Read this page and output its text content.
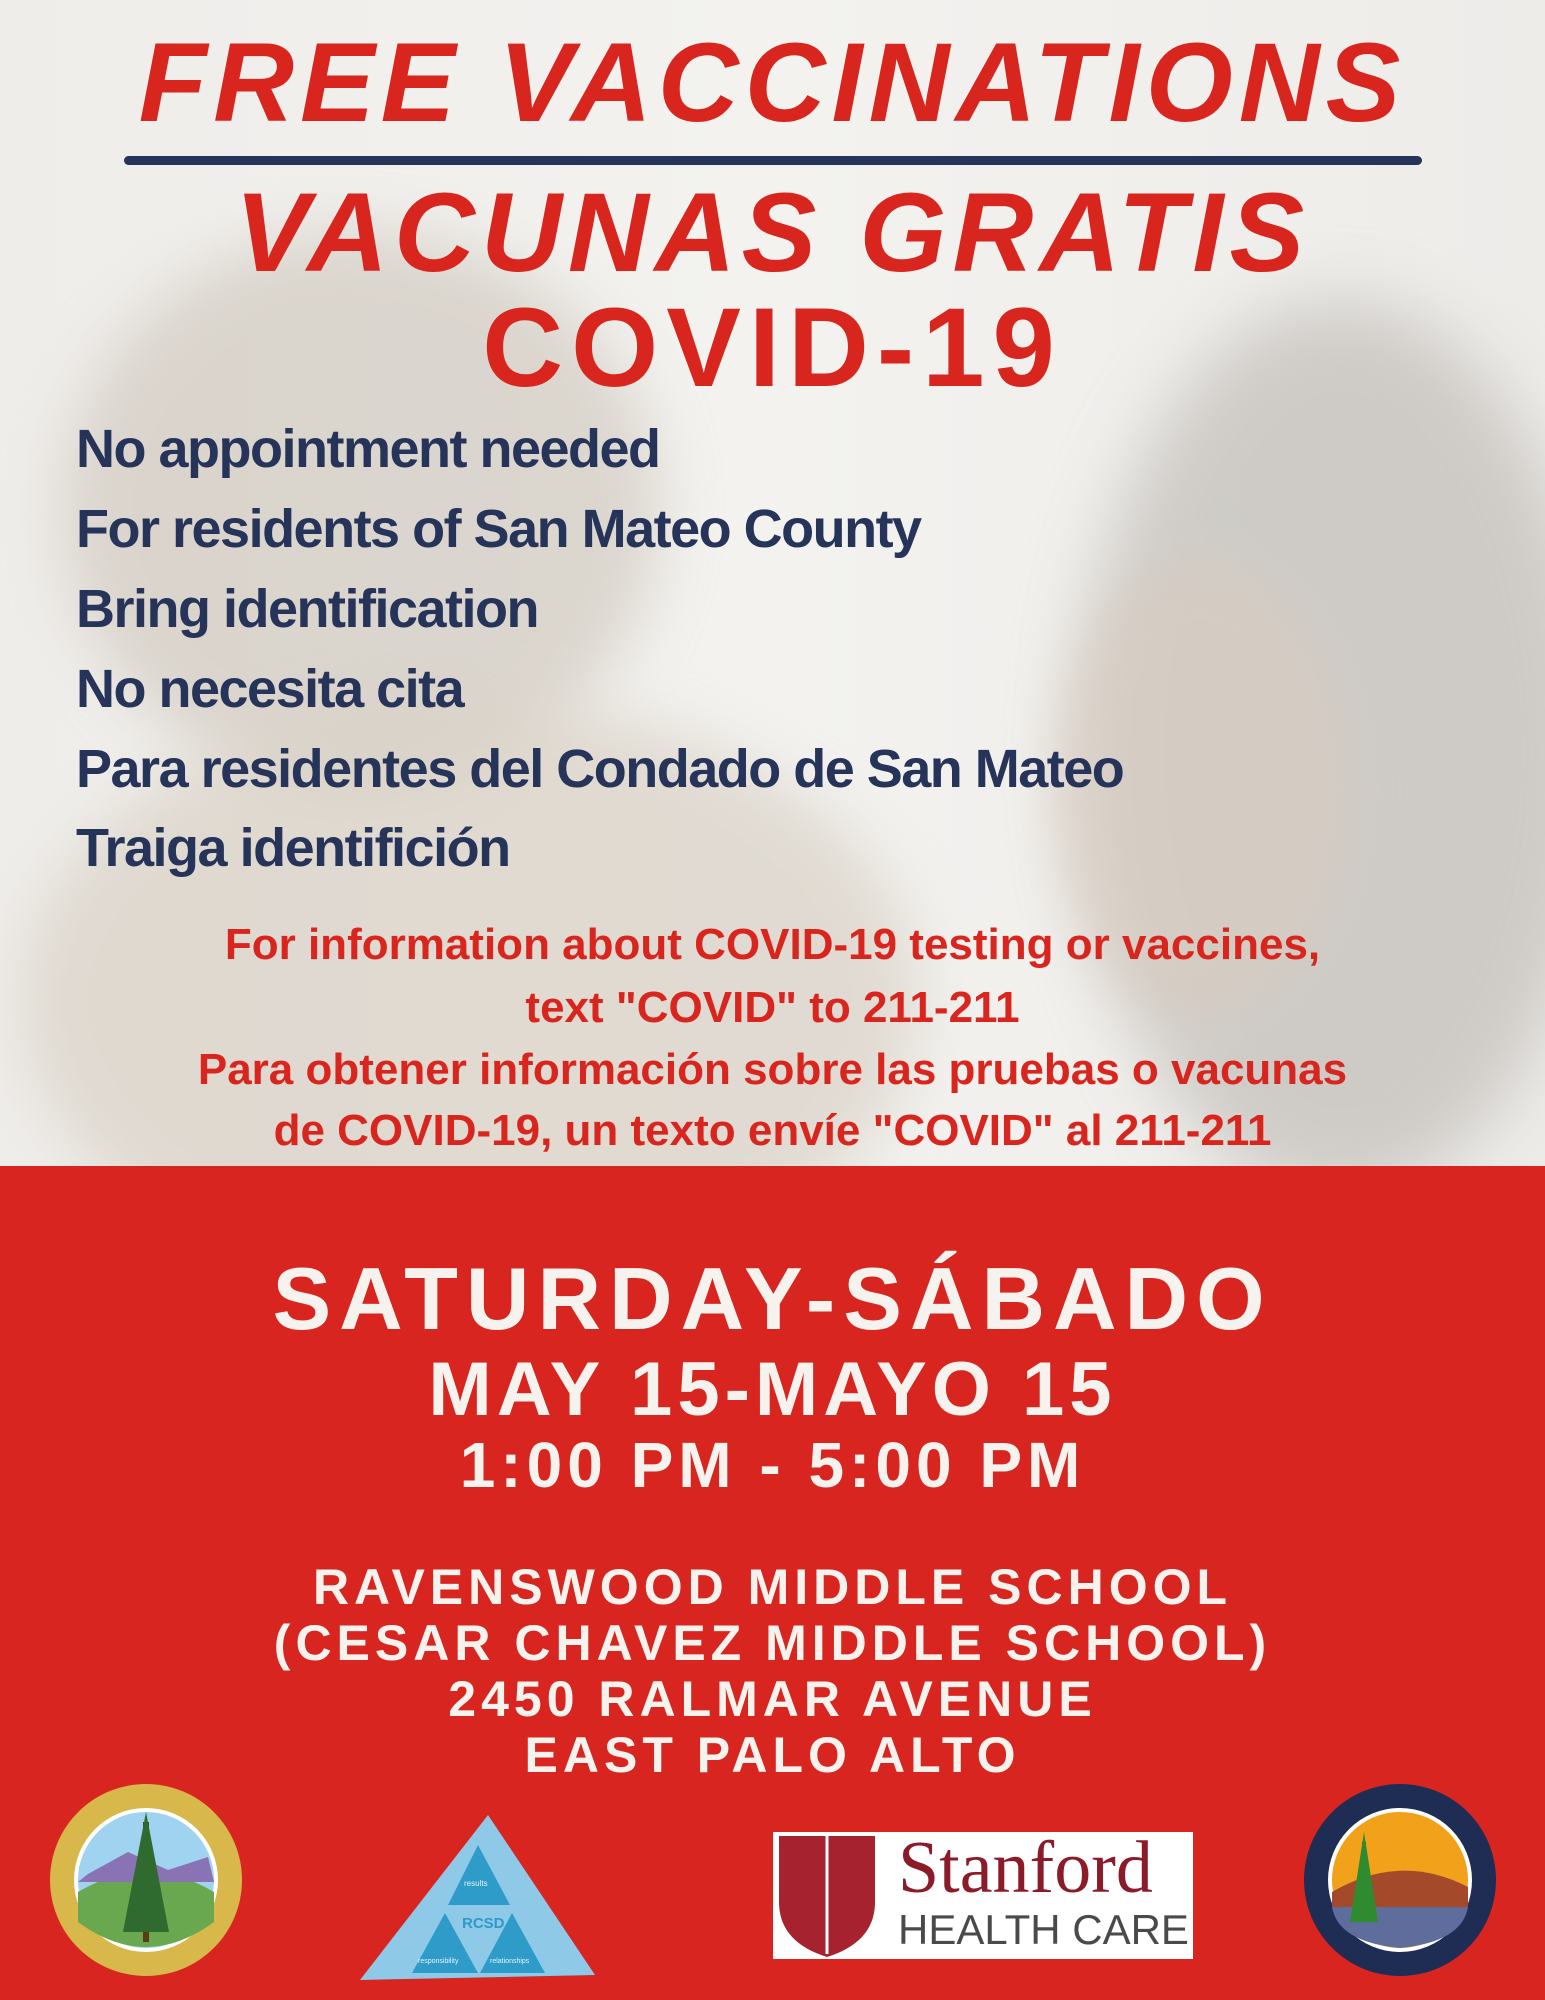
FREE VACCINATIONS
VACUNAS GRATIS
COVID-19
No appointment needed
For residents of San Mateo County
Bring identification
No necesita cita
Para residentes del Condado de San Mateo
Traiga identifición
For information about COVID-19 testing or vaccines,
text "COVID" to 211-211
Para obtener información sobre las pruebas o vacunas
de COVID-19, un texto envíe "COVID" al 211-211
SATURDAY-SÁBADO
MAY 15-MAYO 15
1:00 PM - 5:00 PM
RAVENSWOOD MIDDLE SCHOOL
(CESAR CHAVEZ MIDDLE SCHOOL)
2450 RALMAR AVENUE
EAST PALO ALTO
results
RCSD
responsibility	relationships
Stanford
HEALTH CARE
